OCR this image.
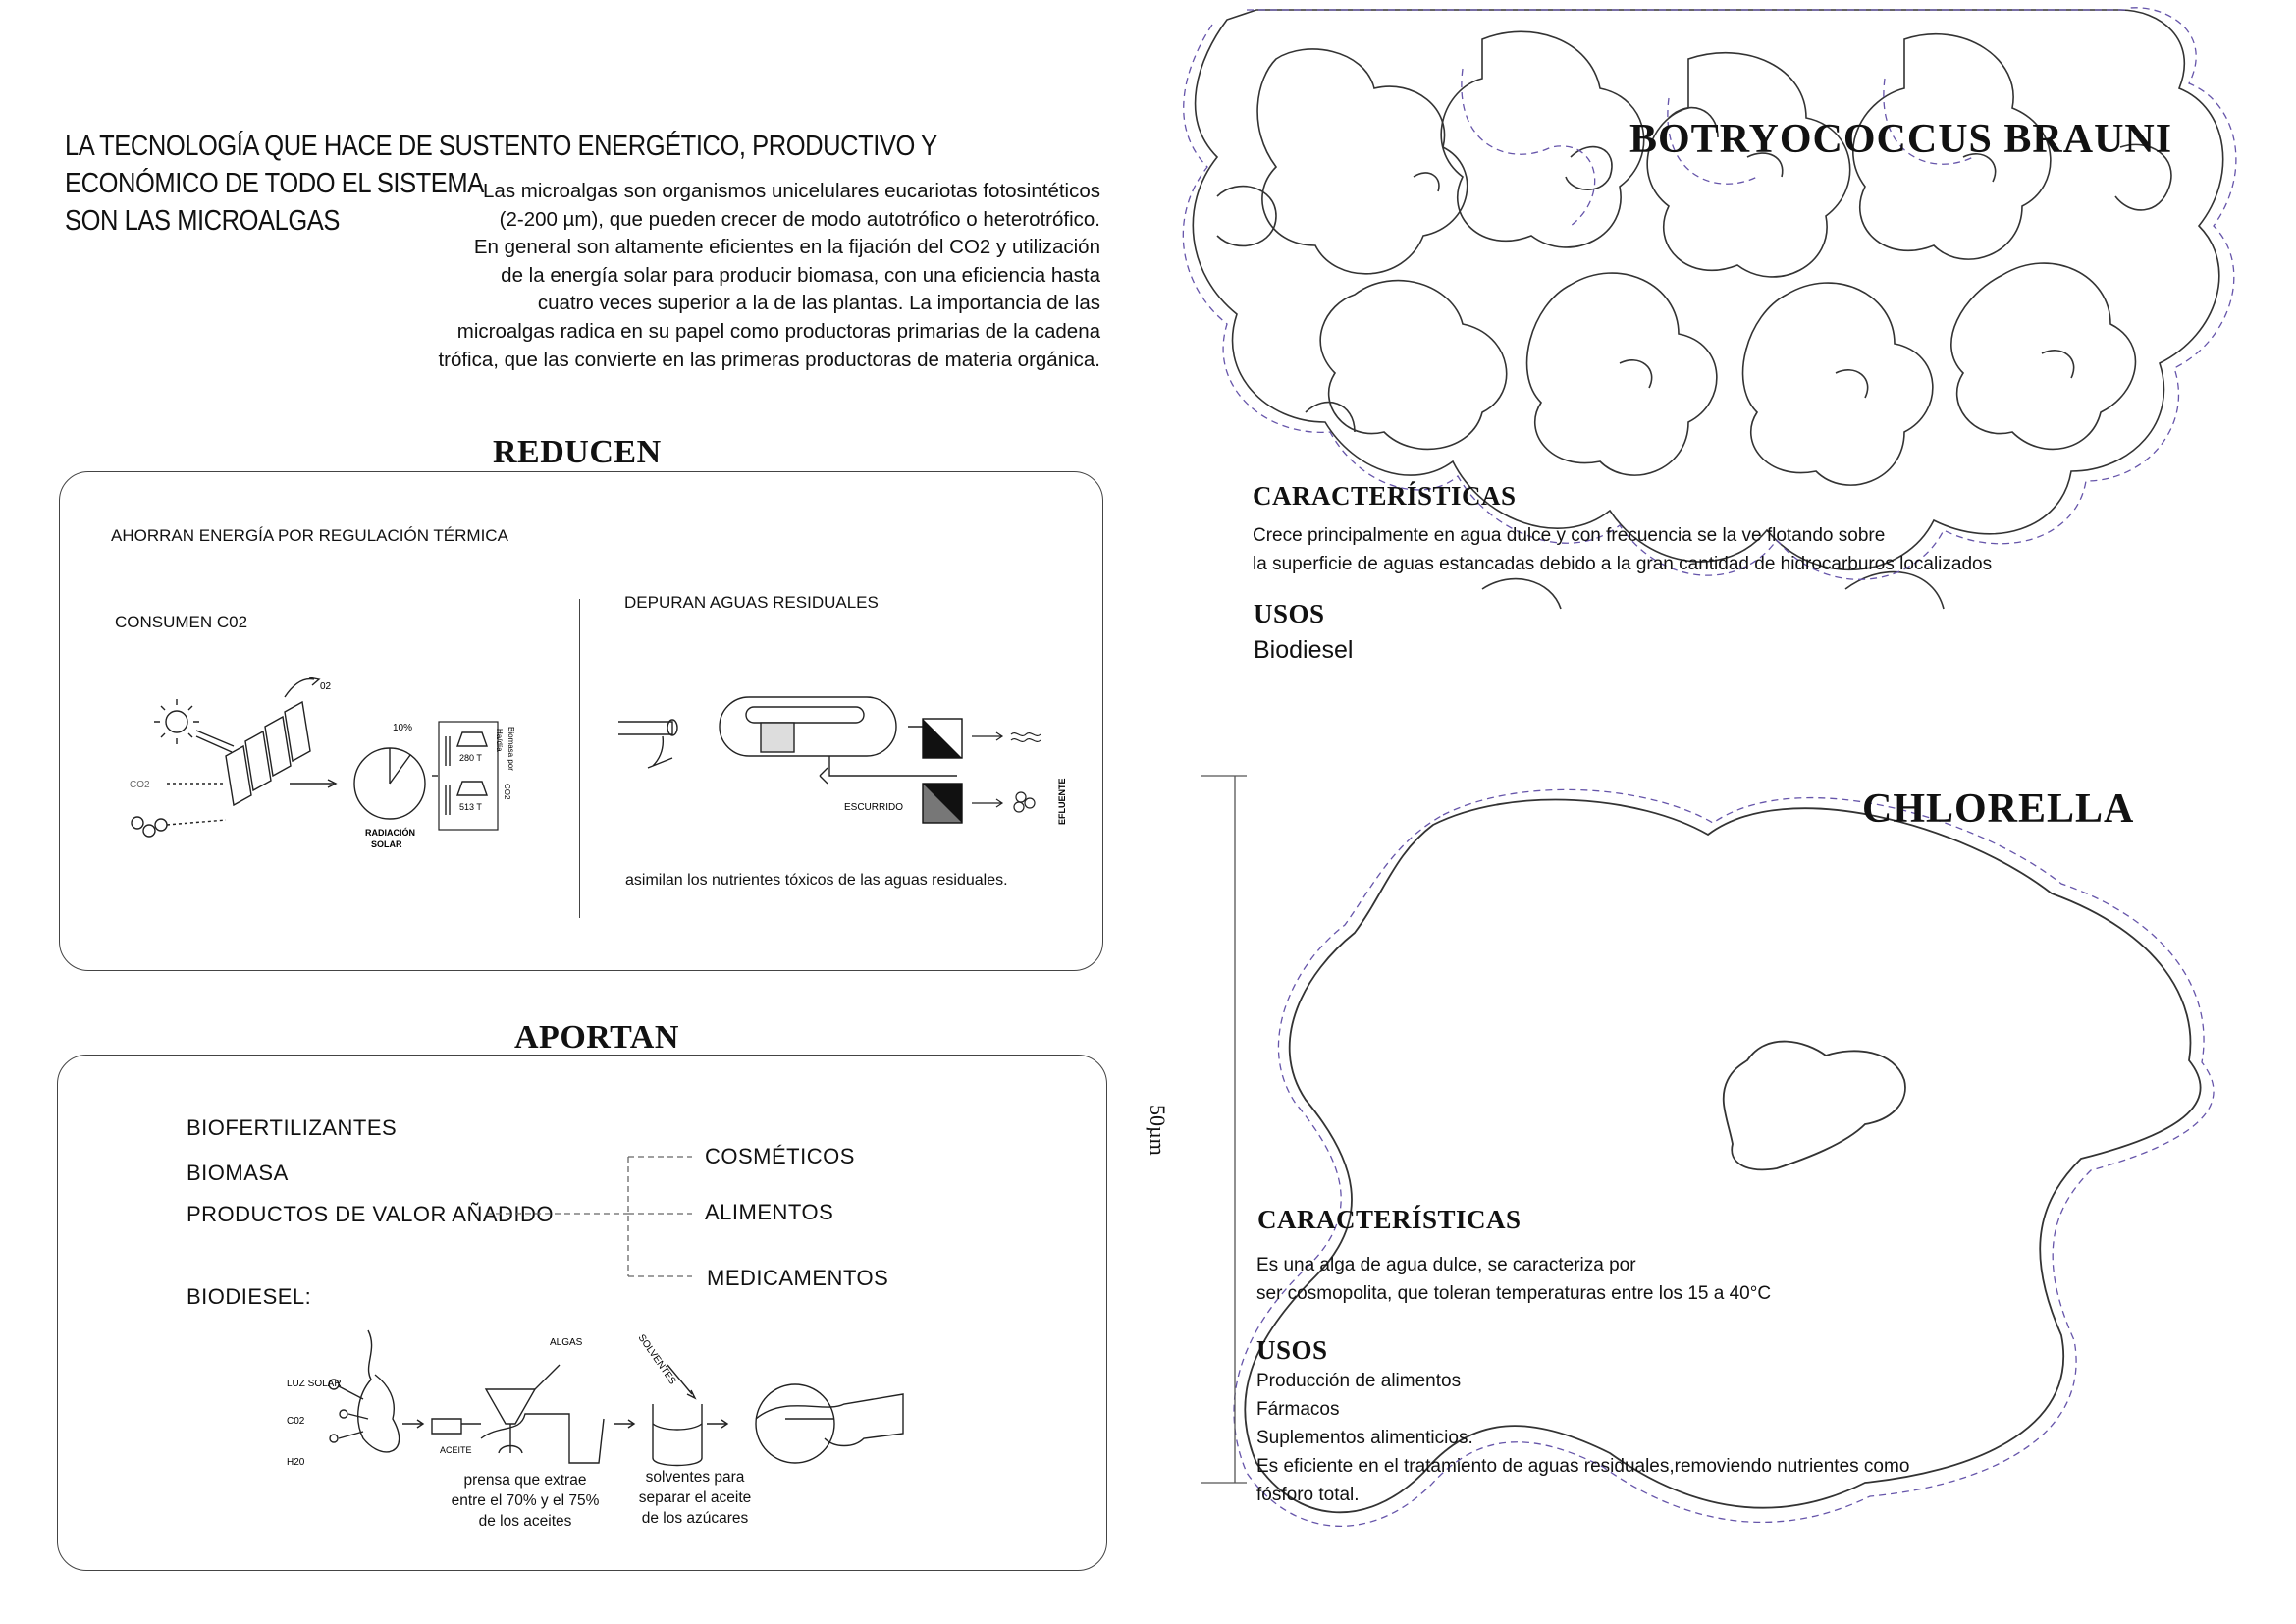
LA TECNOLOGÍA QUE HACE DE SUSTENTO ENERGÉTICO, PRODUCTIVO Y ECONÓMICO DE TODO EL SISTEMA
SON LAS MICROALGAS
Las microalgas son organismos unicelulares eucariotas fotosintéticos
(2-200 µm), que pueden crecer de modo autotrófico o heterotrófico.
En general son altamente eficientes en la fijación del CO2 y utilización
de la energía solar para producir biomasa, con una eficiencia hasta
cuatro veces superior a la de las plantas. La importancia de las
microalgas radica en su papel como productoras primarias de la cadena
trófica, que las convierte en las primeras productoras de materia orgánica.
REDUCEN
AHORRAN ENERGÍA POR REGULACIÓN TÉRMICA
CONSUMEN C02
DEPURAN AGUAS RESIDUALES
asimilan los nutrientes tóxicos de las aguas residuales.
02
CO2
10%
RADIACIÓN
SOLAR
280 T
513 T
Biomasa por
Ha/día
CO2
ESCURRIDO	EFLUENTE
APORTAN
BIOFERTILIZANTES
BIOMASA
PRODUCTOS DE VALOR AÑADIDO
COSMÉTICOS
ALIMENTOS
MEDICAMENTOS
BIODIESEL:
LUZ SOLAR
C02
H20
ALGAS
ACEITE
SOLVENTES
prensa que extrae
entre el 70% y el 75%
de los aceites
solventes para
separar el aceite
de los azúcares
50µm
BOTRYOCOCCUS BRAUNI
CARACTERÍSTICAS
Crece principalmente en agua dulce y con frecuencia se la ve flotando sobre
la superficie de aguas estancadas debido a la gran cantidad de hidrocarburos localizados
USOS
Biodiesel
CHLORELLA
CARACTERÍSTICAS
Es una alga de agua dulce, se caracteriza por
ser cosmopolita, que toleran temperaturas entre los 15 a 40°C
USOS
Producción de alimentos
Fármacos
Suplementos alimenticios.
Es eficiente en el tratamiento de aguas residuales,removiendo nutrientes como
fósforo total.
